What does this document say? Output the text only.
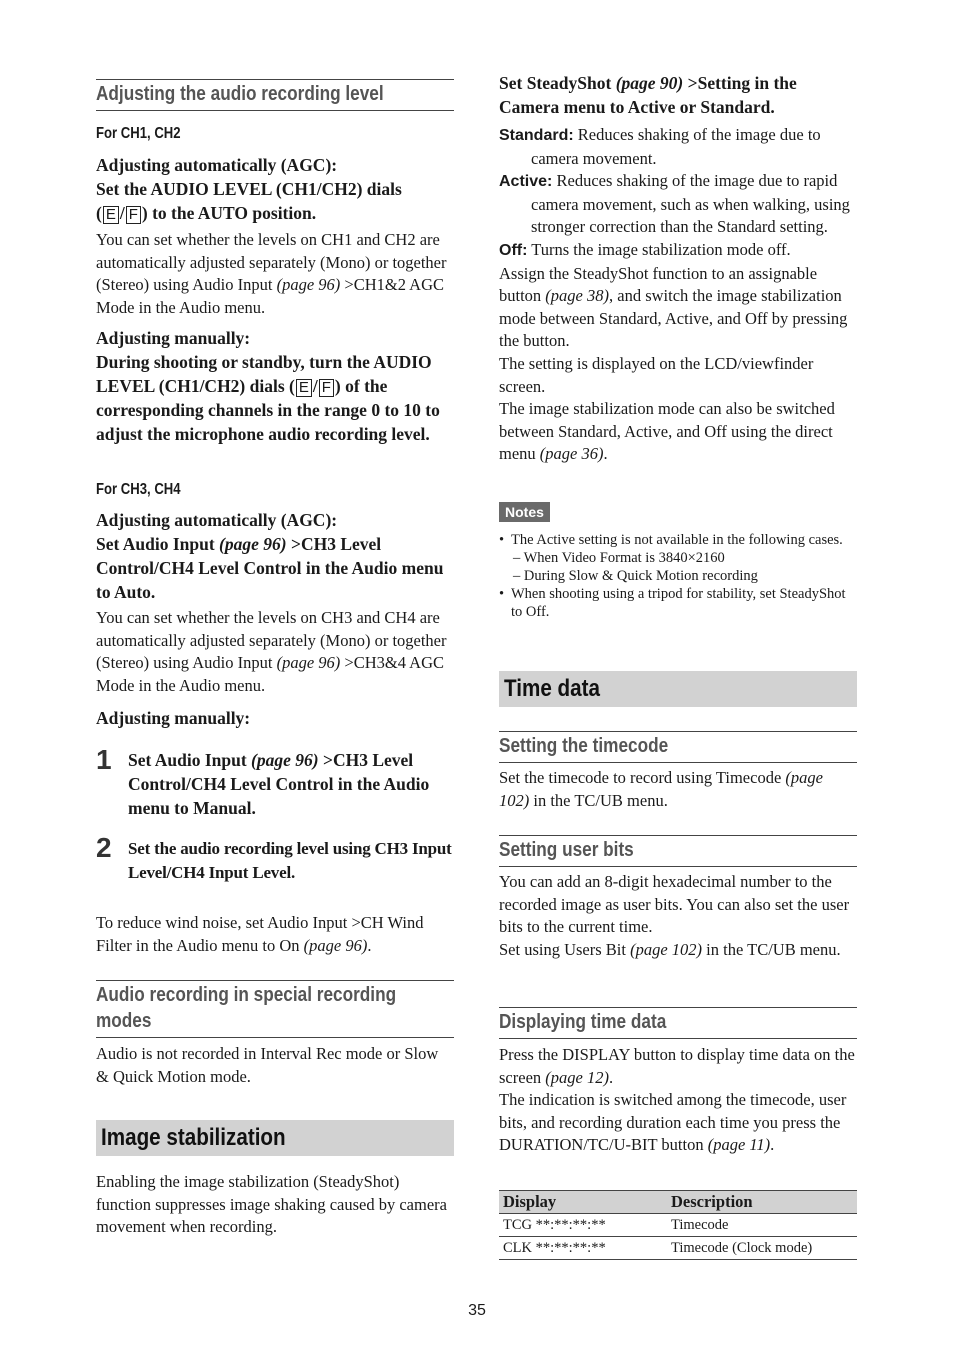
Adjusting the audio recording level
For CH1, CH2
Adjusting automatically (AGC):
Set the AUDIO LEVEL (CH1/CH2) dials
( E / F ) to the AUTO position.
You can set whether the levels on CH1 and CH2 are automatically adjusted separately (Mono) or together (Stereo) using Audio Input (page 96) >CH1&2 AGC Mode in the Audio menu.
Adjusting manually:
During shooting or standby, turn the AUDIO LEVEL (CH1/CH2) dials ( E / F ) of the corresponding channels in the range 0 to 10 to adjust the microphone audio recording level.
For CH3, CH4
Adjusting automatically (AGC):
Set Audio Input (page 96) >CH3 Level Control/CH4 Level Control in the Audio menu to Auto.
You can set whether the levels on CH3 and CH4 are automatically adjusted separately (Mono) or together (Stereo) using Audio Input (page 96) >CH3&4 AGC Mode in the Audio menu.
Adjusting manually:
1 Set Audio Input (page 96) >CH3 Level Control/CH4 Level Control in the Audio menu to Manual.
2 Set the audio recording level using CH3 Input Level/CH4 Input Level.
To reduce wind noise, set Audio Input >CH Wind Filter in the Audio menu to On (page 96).
Audio recording in special recording modes
Audio is not recorded in Interval Rec mode or Slow & Quick Motion mode.
Image stabilization
Enabling the image stabilization (SteadyShot) function suppresses image shaking caused by camera movement when recording.
Set SteadyShot (page 90) >Setting in the Camera menu to Active or Standard.
Standard: Reduces shaking of the image due to camera movement.
Active: Reduces shaking of the image due to rapid camera movement, such as when walking, using stronger correction than the Standard setting.
Off: Turns the image stabilization mode off.
Assign the SteadyShot function to an assignable button (page 38), and switch the image stabilization mode between Standard, Active, and Off by pressing the button.
The setting is displayed on the LCD/viewfinder screen.
The image stabilization mode can also be switched between Standard, Active, and Off using the direct menu (page 36).
Notes
• The Active setting is not available in the following cases.
– When Video Format is 3840×2160
– During Slow & Quick Motion recording
• When shooting using a tripod for stability, set SteadyShot to Off.
Time data
Setting the timecode
Set the timecode to record using Timecode (page 102) in the TC/UB menu.
Setting user bits
You can add an 8-digit hexadecimal number to the recorded image as user bits. You can also set the user bits to the current time.
Set using Users Bit (page 102) in the TC/UB menu.
Displaying time data
Press the DISPLAY button to display time data on the screen (page 12).
The indication is switched among the timecode, user bits, and recording duration each time you press the DURATION/TC/U-BIT button (page 11).
Display	Description
TCG **:**:**:**	Timecode
CLK **:**:**:**	Timecode (Clock mode)
35
